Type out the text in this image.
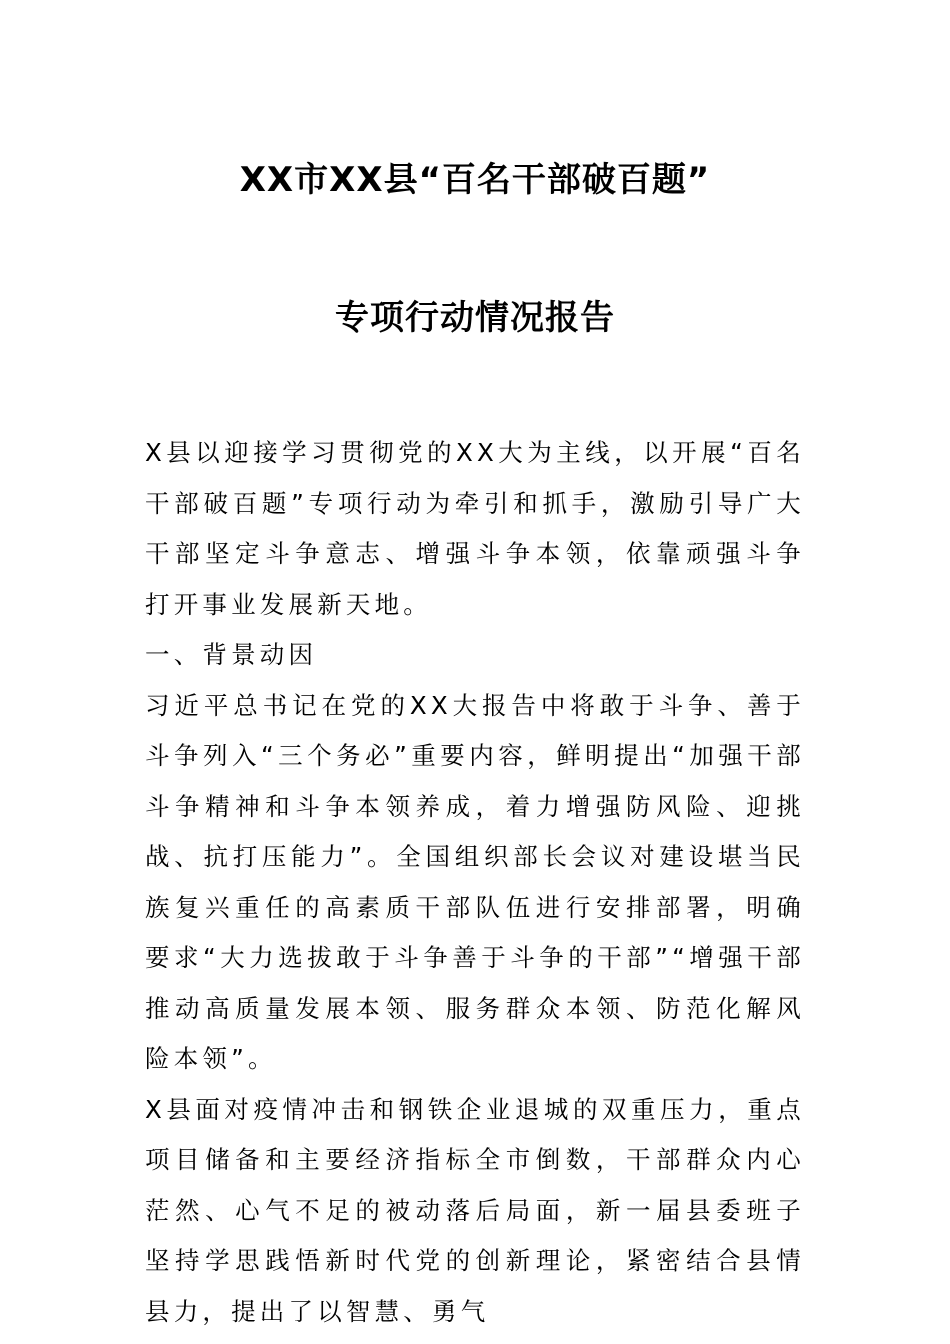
XX市XX县“百名干部破百题”
专项行动情况报告

X县以迎接学习贯彻党的XX大为主线，以开展“百名干部破百题”专项行动为牵引和抓手，激励引导广大干部坚定斗争意志、增强斗争本领，依靠顽强斗争打开事业发展新天地。

一、背景动因

习近平总书记在党的XX大报告中将敢于斗争、善于斗争列入“三个务必”重要内容，鲜明提出“加强干部斗争精神和斗争本领养成，着力增强防风险、迎挑战、抗打压能力”。全国组织部长会议对建设堪当民族复兴重任的高素质干部队伍进行安排部署，明确要求“大力选拔敢于斗争善于斗争的干部”“增强干部推动高质量发展本领、服务群众本领、防范化解风险本领”。

X县面对疫情冲击和钢铁企业退城的双重压力，重点项目储备和主要经济指标全市倒数，干部群众内心茫然、心气不足的被动落后局面，新一届县委班子坚持学思践悟新时代党的创新理论，紧密结合县情县力，提出了以智慧、勇气
